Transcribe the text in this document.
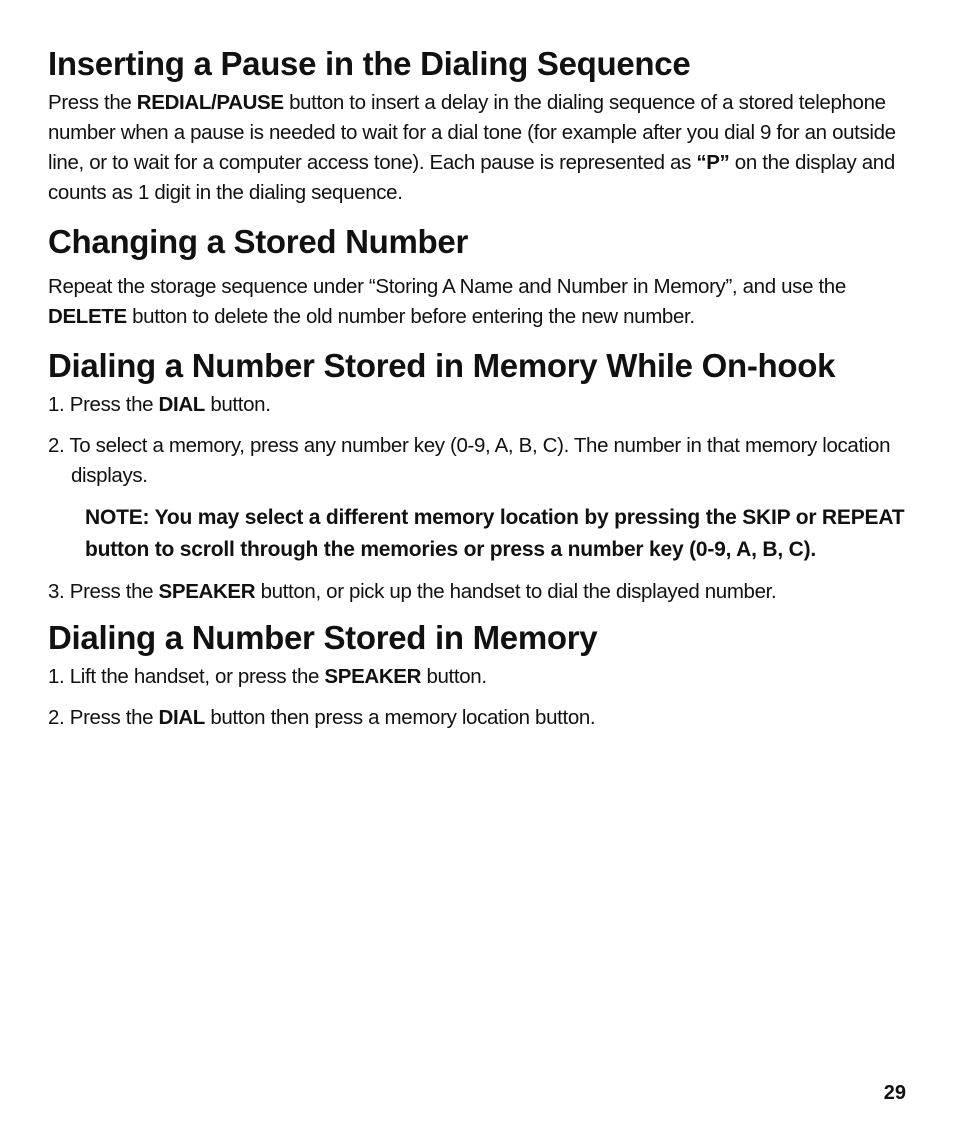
Inserting a Pause in the Dialing Sequence

Press the REDIAL/PAUSE button to insert a delay in the dialing sequence of a stored telephone number when a pause is needed to wait for a dial tone (for example after you dial 9 for an outside line, or to wait for a computer access tone). Each pause is represented as “P” on the display and counts as 1 digit in the dialing sequence.

Changing a Stored Number

Repeat the storage sequence under “Storing A Name and Number in Memory”, and use the DELETE button to delete the old number before entering the new number.

Dialing a Number Stored in Memory While On-hook

1. Press the DIAL button.

2. To select a memory, press any number key (0-9, A, B, C). The number in that memory location displays.

NOTE: You may select a different memory location by pressing the SKIP or REPEAT button to scroll through the memories or press a number key (0-9, A, B, C).

3. Press the SPEAKER button, or pick up the handset to dial the displayed number.

Dialing a Number Stored in Memory

1. Lift the handset, or press the SPEAKER button.

2. Press the DIAL button then press a memory location button.

29
